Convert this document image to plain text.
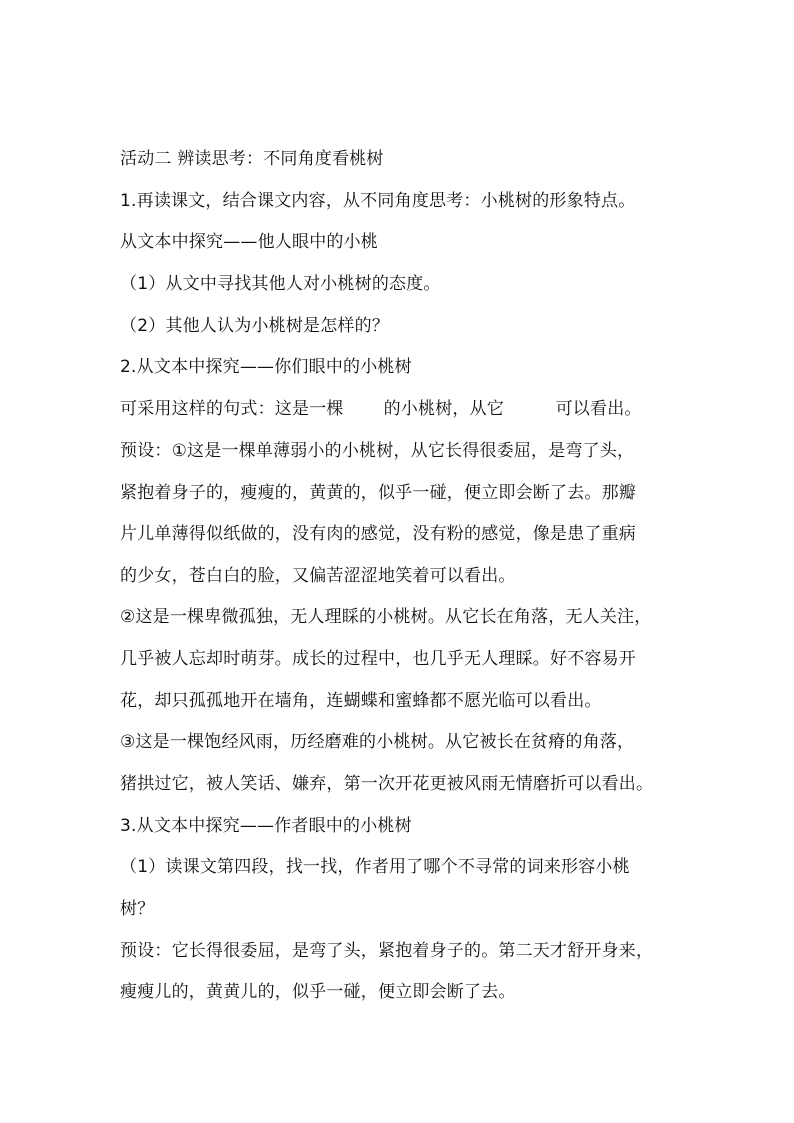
活动二 辨读思考：不同角度看桃树
1.再读课文，结合课文内容，从不同角度思考：小桃树的形象特点。
从文本中探究——他人眼中的小桃
（1）从文中寻找其他人对小桃树的态度。
（2）其他人认为小桃树是怎样的？
2.从文本中探究——你们眼中的小桃树
可采用这样的句式：这是一棵　　 的小桃树，从它　　　可以看出。
预设：①这是一棵单薄弱小的小桃树，从它长得很委屈，是弯了头，
紧抱着身子的，瘦瘦的，黄黄的，似乎一碰，便立即会断了去。那瓣
片儿单薄得似纸做的，没有肉的感觉，没有粉的感觉，像是患了重病
的少女，苍白白的脸，又偏苦涩涩地笑着可以看出。
②这是一棵卑微孤独，无人理睬的小桃树。从它长在角落，无人关注，
几乎被人忘却时萌芽。成长的过程中，也几乎无人理睬。好不容易开
花，却只孤孤地开在墙角，连蝴蝶和蜜蜂都不愿光临可以看出。
③这是一棵饱经风雨，历经磨难的小桃树。从它被长在贫瘠的角落，
猪拱过它，被人笑话、嫌弃，第一次开花更被风雨无情磨折可以看出。
3.从文本中探究——作者眼中的小桃树
（1）读课文第四段，找一找，作者用了哪个不寻常的词来形容小桃
树？
预设：它长得很委屈，是弯了头，紧抱着身子的。第二天才舒开身来，
瘦瘦儿的，黄黄儿的，似乎一碰，便立即会断了去。
